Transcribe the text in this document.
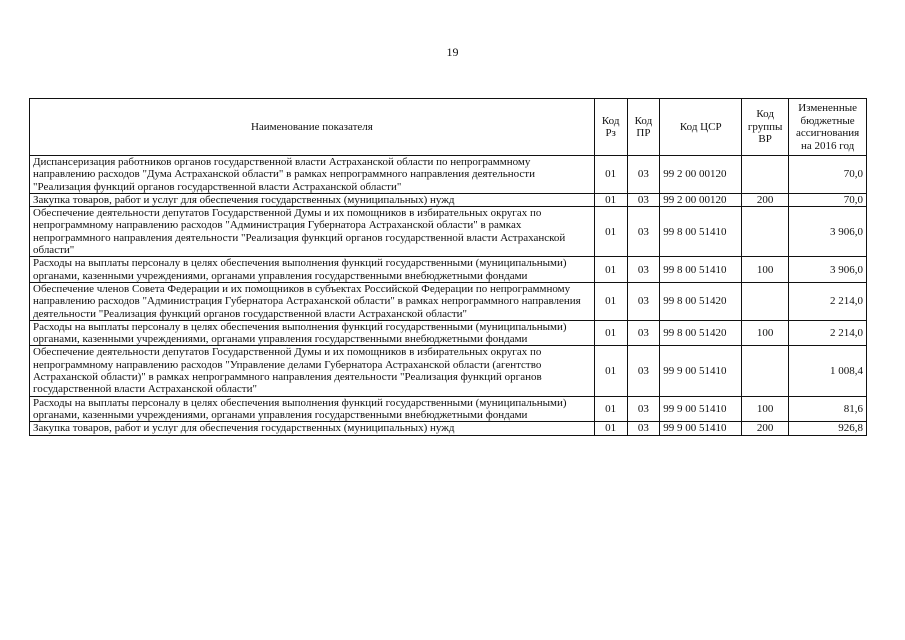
19
Наименование показателя	Код Рз	Код ПР	Код ЦСР	Код группы ВР	Измененные бюджетные ассигнования на 2016 год
Диспансеризация работников органов государственной власти Астраханской области по непрограммному направлению расходов "Дума Астраханской области" в рамках непрограммного направления деятельности "Реализация функций органов государственной власти Астраханской области"	01	03	99 2 00 00120		70,0
Закупка товаров, работ и услуг для обеспечения государственных (муниципальных) нужд	01	03	99 2 00 00120	200	70,0
Обеспечение деятельности депутатов Государственной Думы и их помощников в избирательных округах по непрограммному направлению расходов "Администрация Губернатора Астраханской области" в рамках непрограммного направления деятельности "Реализация функций органов государственной власти Астраханской области"	01	03	99 8 00 51410		3 906,0
Расходы на выплаты персоналу в целях обеспечения выполнения функций государственными (муниципальными) органами, казенными учреждениями, органами управления государственными внебюджетными фондами	01	03	99 8 00 51410	100	3 906,0
Обеспечение членов Совета Федерации и их помощников в субъектах Российской Федерации по непрограммному направлению расходов "Администрация Губернатора Астраханской области" в рамках непрограммного направления деятельности "Реализация функций органов государственной власти Астраханской области"	01	03	99 8 00 51420		2 214,0
Расходы на выплаты персоналу в целях обеспечения выполнения функций государственными (муниципальными) органами, казенными учреждениями, органами управления государственными внебюджетными фондами	01	03	99 8 00 51420	100	2 214,0
Обеспечение деятельности депутатов Государственной Думы и их помощников в избирательных округах по непрограммному направлению расходов "Управление делами Губернатора Астраханской области (агентство Астраханской области)" в рамках непрограммного направления деятельности "Реализация функций органов государственной власти Астраханской области"	01	03	99 9 00 51410		1 008,4
Расходы на выплаты персоналу в целях обеспечения выполнения функций государственными (муниципальными) органами, казенными учреждениями, органами управления государственными внебюджетными фондами	01	03	99 9 00 51410	100	81,6
Закупка товаров, работ и услуг для обеспечения государственных (муниципальных) нужд	01	03	99 9 00 51410	200	926,8
